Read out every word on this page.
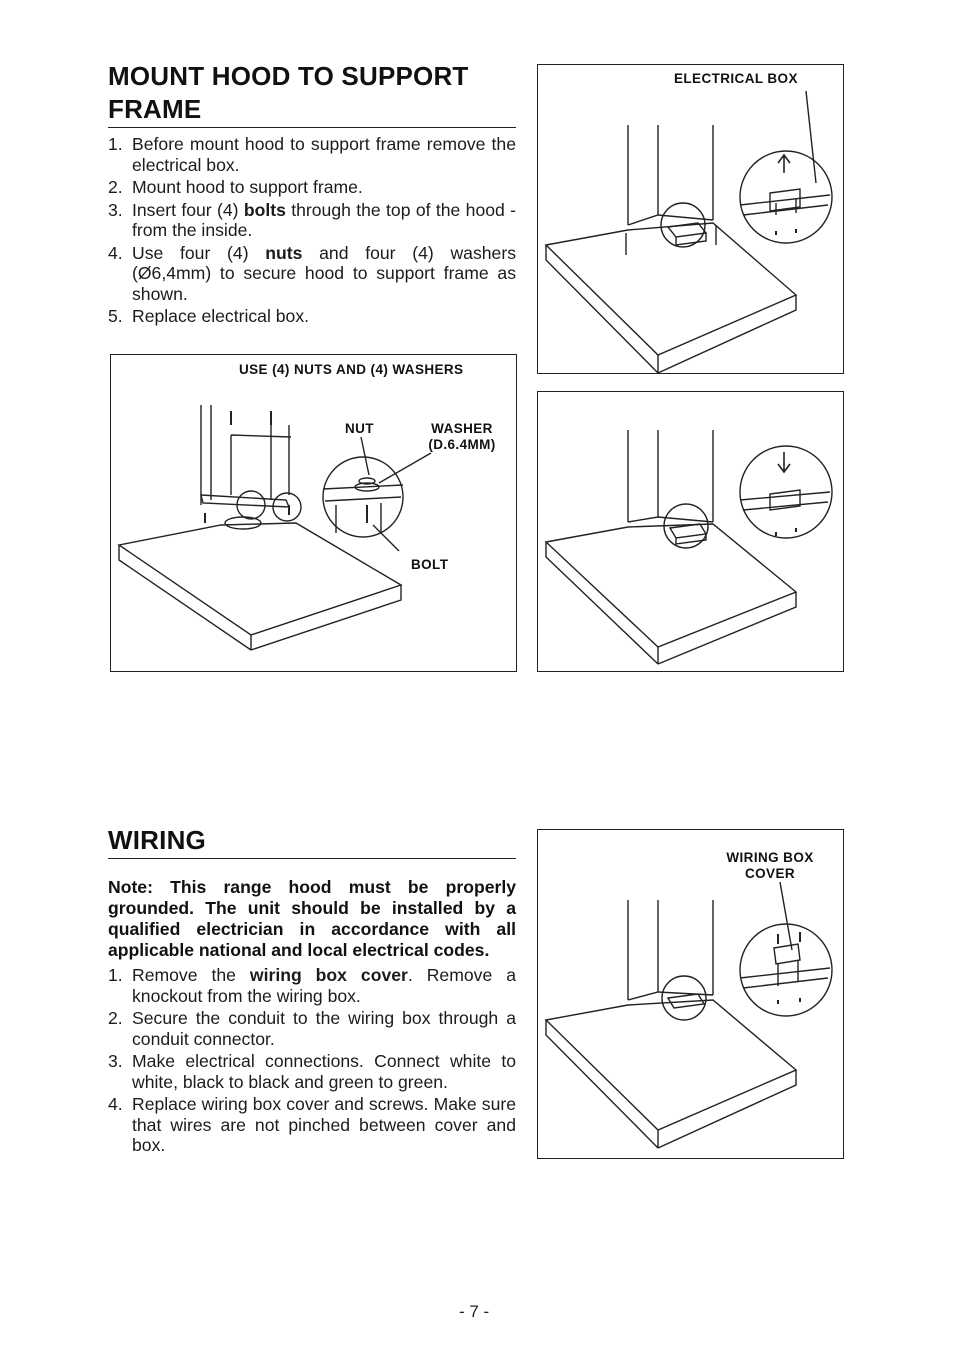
MOUNT HOOD TO SUPPORT
FRAME
1. Before mount hood to support frame remove the electrical box.
2. Mount hood to support frame.
3. Insert four (4) bolts through the top of the hood - from the inside.
4. Use four (4) nuts and four (4) washers (Ø6,4mm) to secure hood to support frame as shown.
5. Replace electrical box.
ELECTRICAL BOX
USE (4) NUTS AND (4) WASHERS
NUT	WASHER
(D.6.4MM)
BOLT
WIRING

Note: This range hood must be properly grounded. The unit should be installed by a qualified electrician in accordance with all applicable national and local electrical codes.

1. Remove the wiring box cover. Remove a knockout from the wiring box.
2. Secure the conduit to the wiring box through a conduit connector.
3. Make electrical connections. Connect white to white, black to black and green to green.
4. Replace wiring box cover and screws. Make sure that wires are not pinched between cover and box.
WIRING BOX
COVER
- 7 -
